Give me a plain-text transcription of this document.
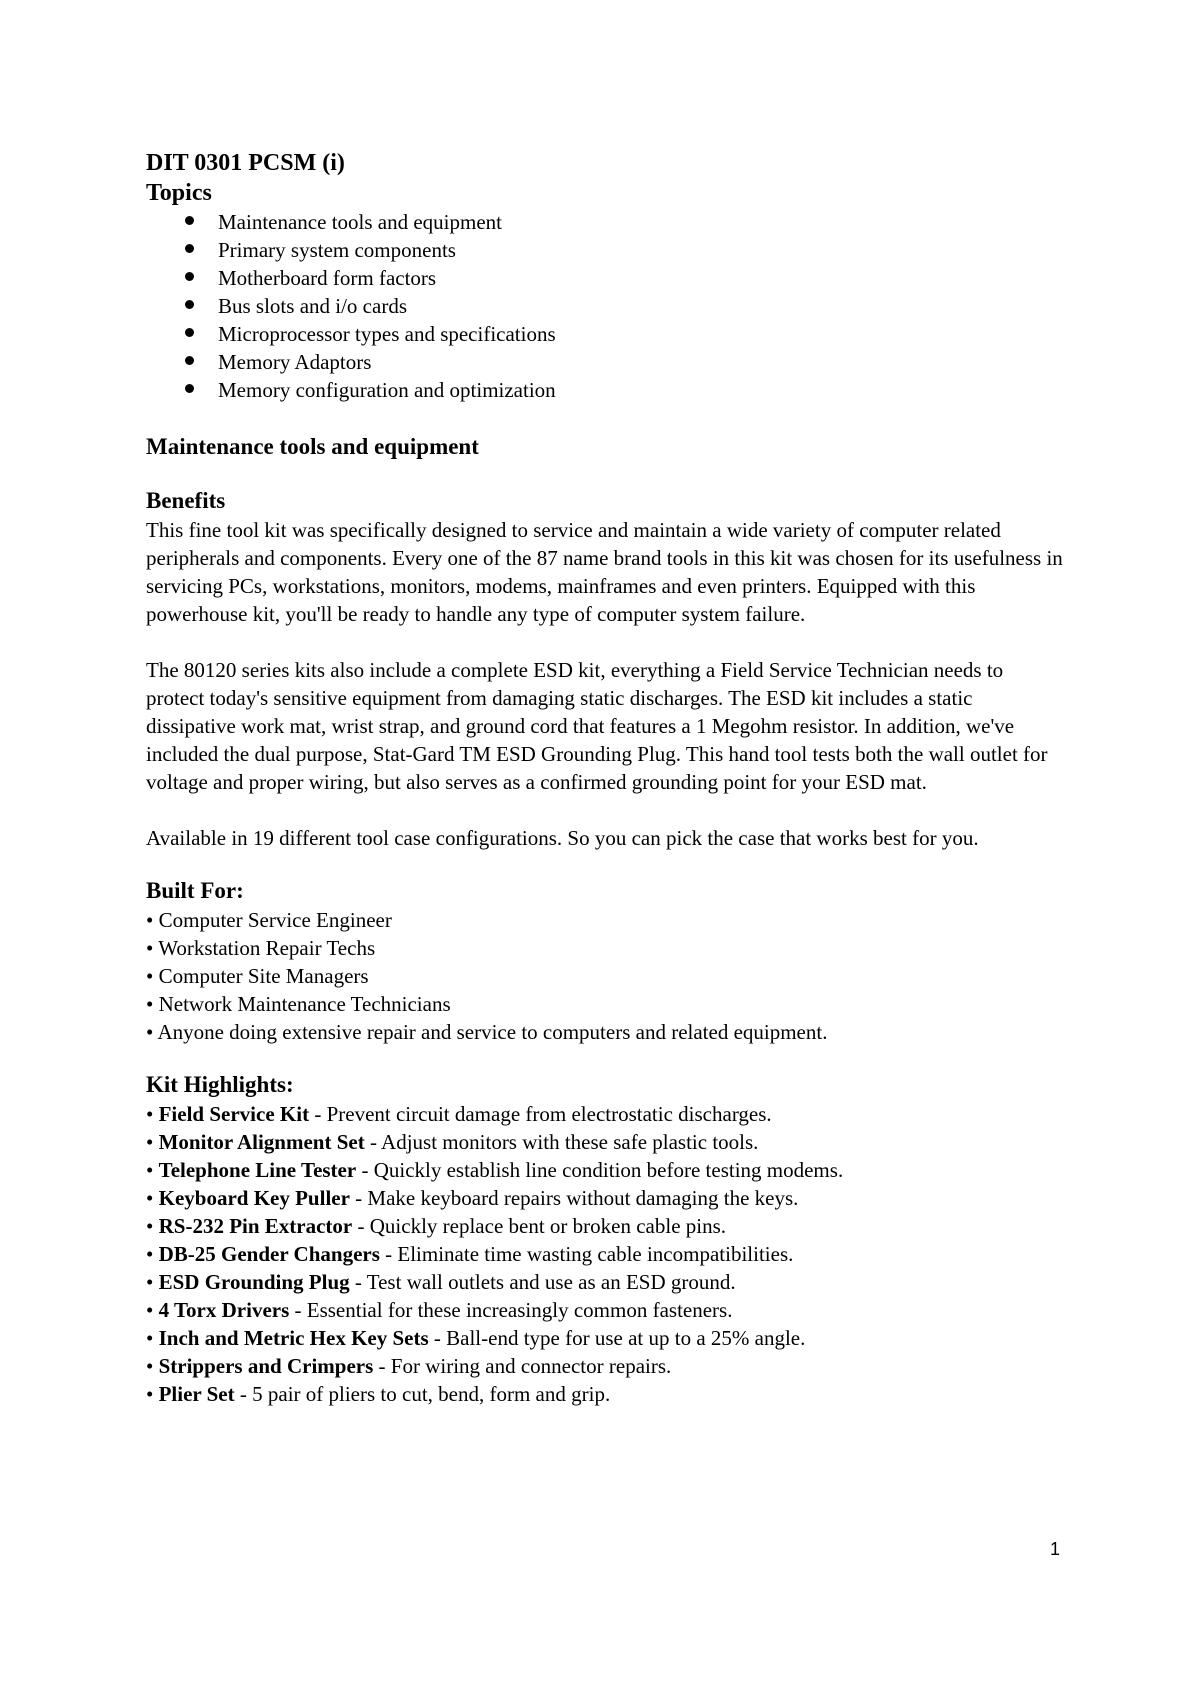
DIT 0301 PCSM (i)
Topics
Maintenance tools and equipment
Primary system components
Motherboard form factors
Bus slots and i/o cards
Microprocessor types and specifications
Memory Adaptors
Memory configuration and optimization
Maintenance tools and equipment
Benefits

This fine tool kit was specifically designed to service and maintain a wide variety of computer related peripherals and components. Every one of the 87 name brand tools in this kit was chosen for its usefulness in servicing PCs, workstations, monitors, modems, mainframes and even printers. Equipped with this powerhouse kit, you'll be ready to handle any type of computer system failure.

The 80120 series kits also include a complete ESD kit, everything a Field Service Technician needs to protect today's sensitive equipment from damaging static discharges. The ESD kit includes a static dissipative work mat, wrist strap, and ground cord that features a 1 Megohm resistor. In addition, we've included the dual purpose, Stat-Gard TM ESD Grounding Plug. This hand tool tests both the wall outlet for voltage and proper wiring, but also serves as a confirmed grounding point for your ESD mat.

Available in 19 different tool case configurations. So you can pick the case that works best for you.

Built For:
• Computer Service Engineer
• Workstation Repair Techs
• Computer Site Managers
• Network Maintenance Technicians
• Anyone doing extensive repair and service to computers and related equipment.
Kit Highlights:
• Field Service Kit - Prevent circuit damage from electrostatic discharges.
• Monitor Alignment Set - Adjust monitors with these safe plastic tools.
• Telephone Line Tester - Quickly establish line condition before testing modems.
• Keyboard Key Puller - Make keyboard repairs without damaging the keys.
• RS-232 Pin Extractor - Quickly replace bent or broken cable pins.
• DB-25 Gender Changers - Eliminate time wasting cable incompatibilities.
• ESD Grounding Plug - Test wall outlets and use as an ESD ground.
• 4 Torx Drivers - Essential for these increasingly common fasteners.
• Inch and Metric Hex Key Sets - Ball-end type for use at up to a 25% angle.
• Strippers and Crimpers - For wiring and connector repairs.
• Plier Set - 5 pair of pliers to cut, bend, form and grip.
1
